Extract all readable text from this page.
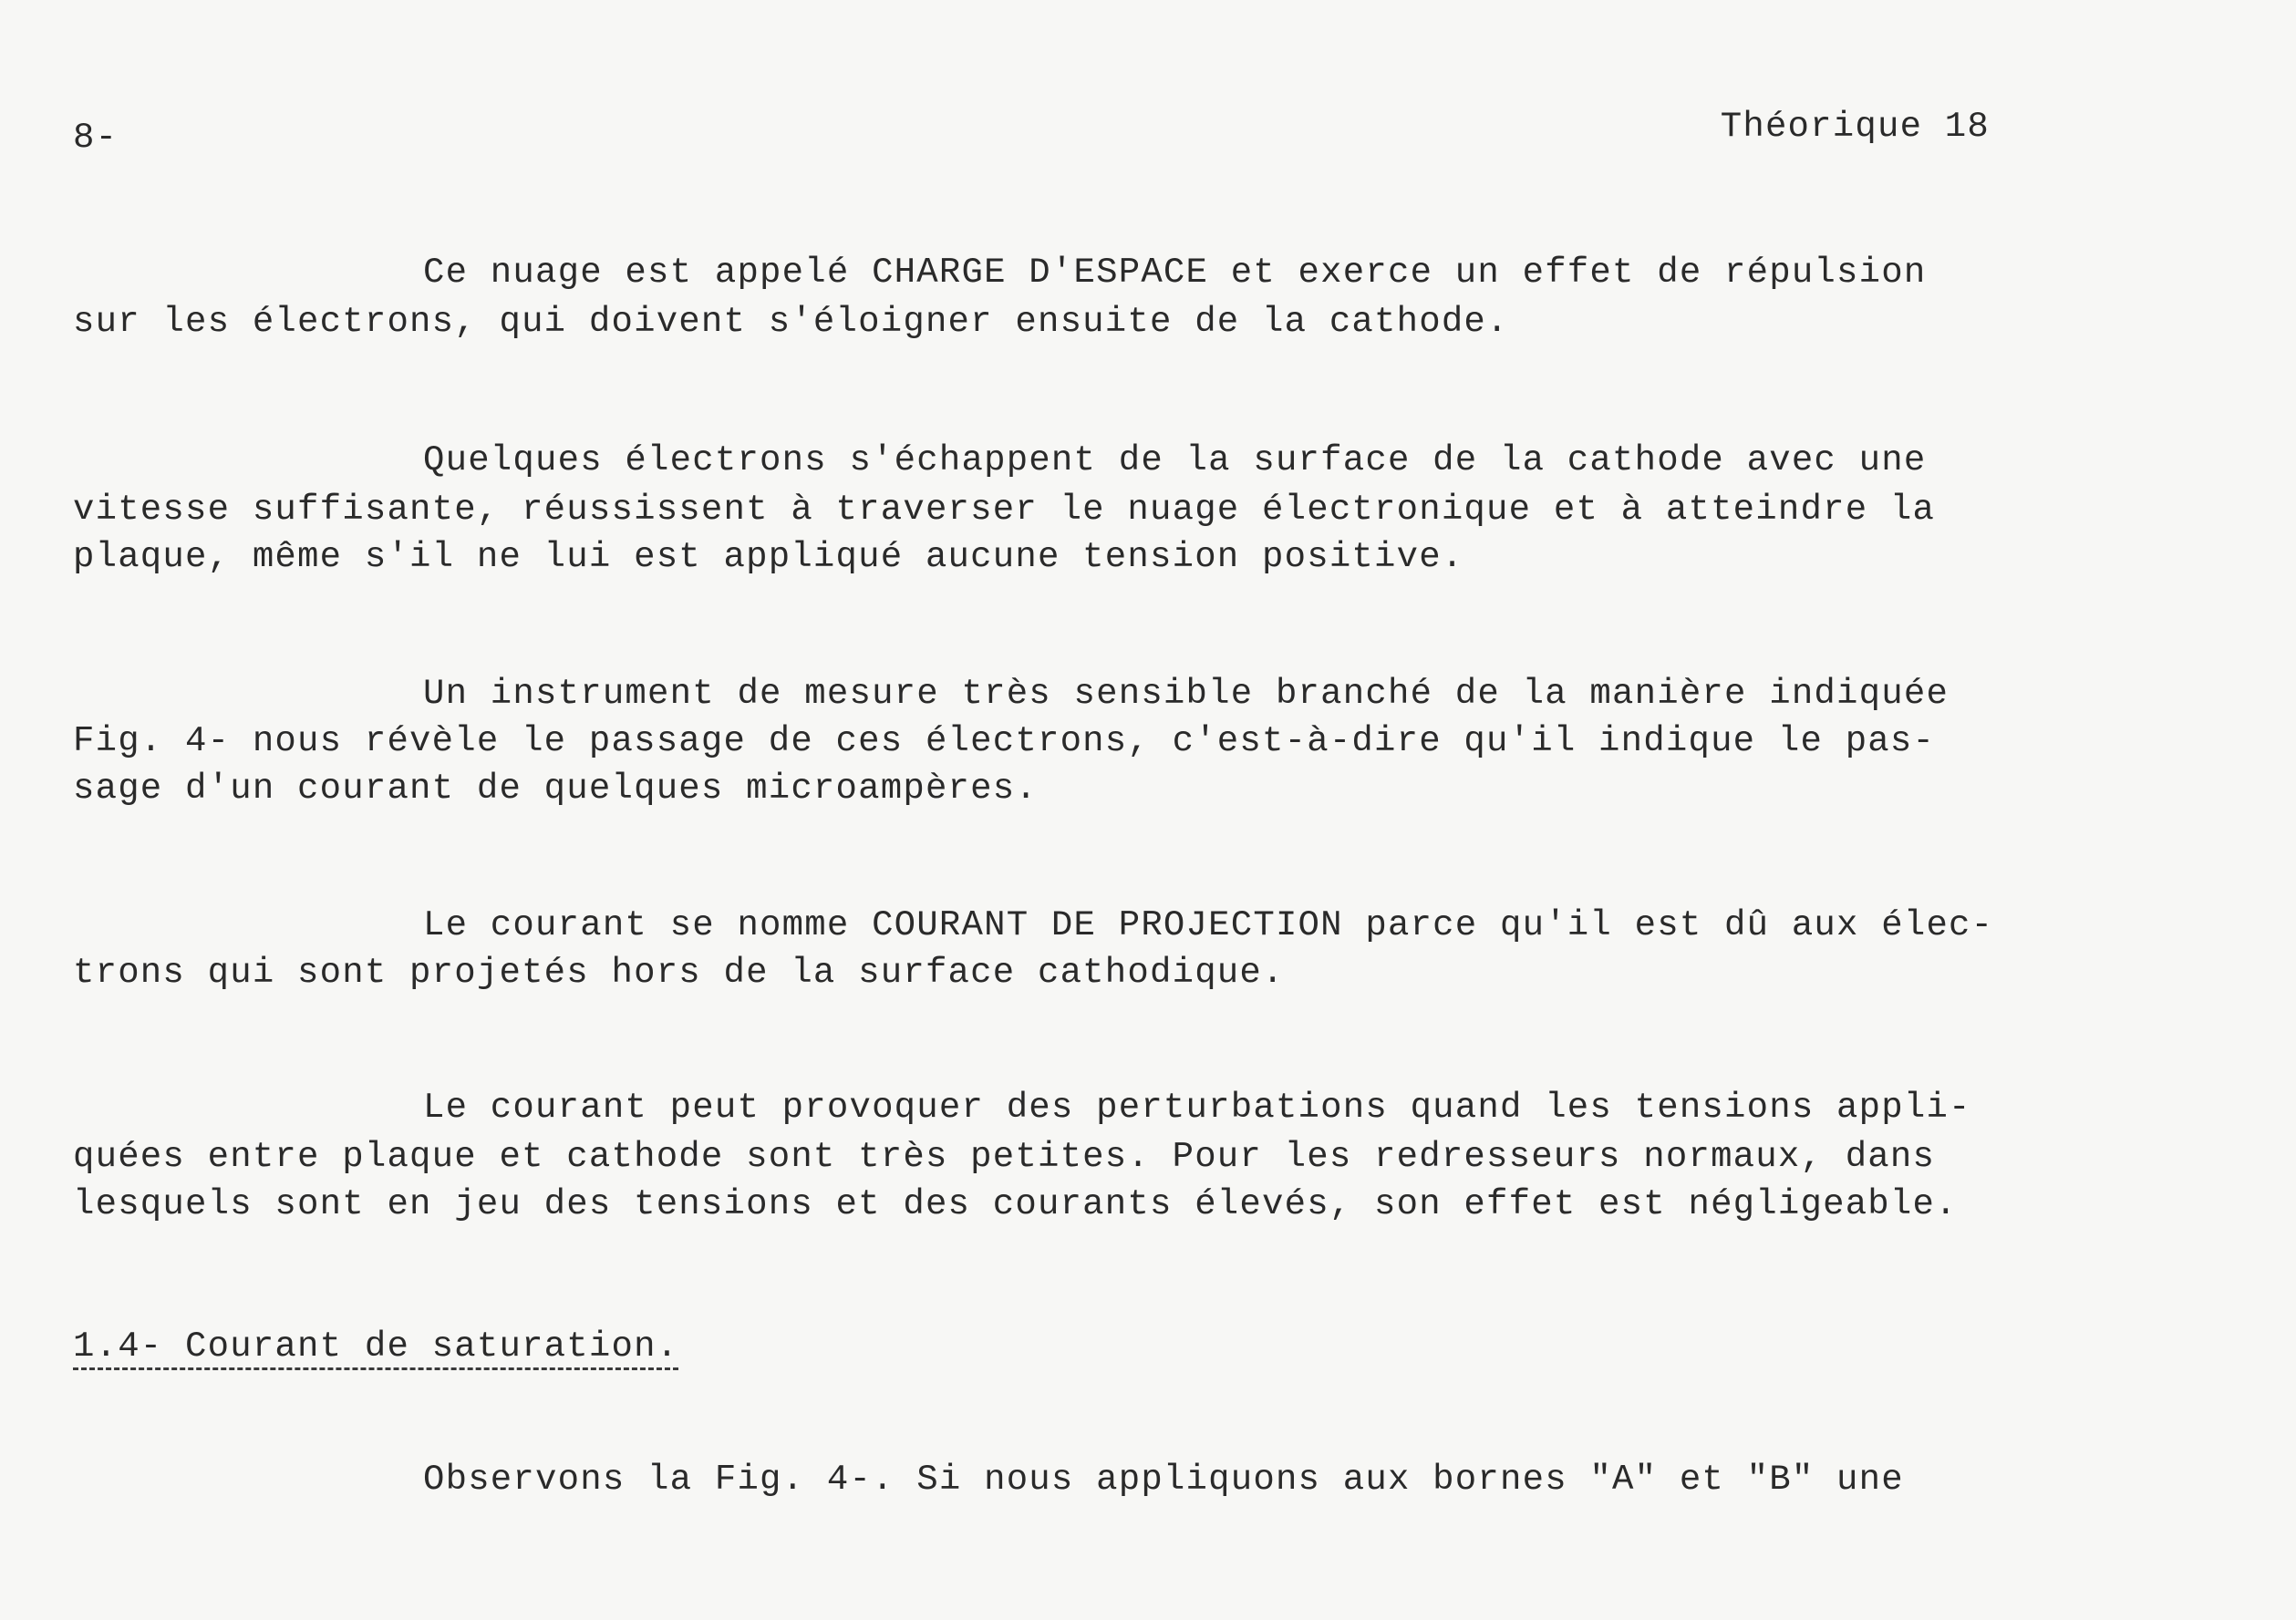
8-	Théorique 18
Ce nuage est appelé CHARGE D'ESPACE et exerce un effet de répulsion
sur les électrons, qui doivent s'éloigner ensuite de la cathode.
Quelques électrons s'échappent de la surface de la cathode avec une
vitesse suffisante, réussissent à traverser le nuage électronique et à atteindre la
plaque, même s'il ne lui est appliqué aucune tension positive.
Un instrument de mesure très sensible branché de la manière indiquée
Fig. 4- nous révèle le passage de ces électrons, c'est-à-dire qu'il indique le pas-
sage d'un courant de quelques microampères.
Le courant se nomme COURANT DE PROJECTION parce qu'il est dû aux élec-
trons qui sont projetés hors de la surface cathodique.
Le courant peut provoquer des perturbations quand les tensions appli-
quées entre plaque et cathode sont très petites. Pour les redresseurs normaux, dans
lesquels sont en jeu des tensions et des courants élevés, son effet est négligeable.
1.4- Courant de saturation.
Observons la Fig. 4-. Si nous appliquons aux bornes "A" et "B" une
